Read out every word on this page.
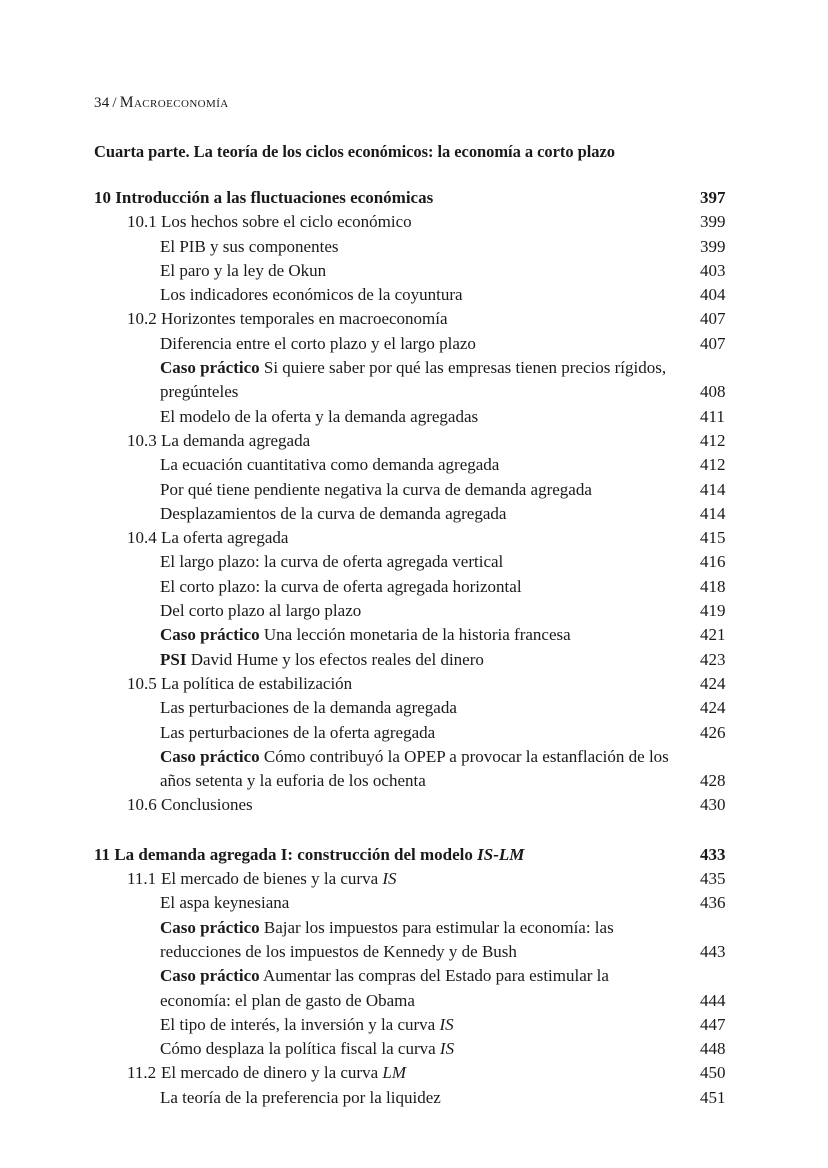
34 / Macroeconomía
Cuarta parte. La teoría de los ciclos económicos: la economía a corto plazo
10 Introducción a las fluctuaciones económicas	397
10.1Los hechos sobre el ciclo económico	399
El PIB y sus componentes	399
El paro y la ley de Okun	403
Los indicadores económicos de la coyuntura	404
10.2Horizontes temporales en macroeconomía	407
Diferencia entre el corto plazo y el largo plazo	407
Caso práctico Si quiere saber por qué las empresas tienen precios rígidos, pregúnteles	408
El modelo de la oferta y la demanda agregadas	411
10.3La demanda agregada	412
La ecuación cuantitativa como demanda agregada	412
Por qué tiene pendiente negativa la curva de demanda agregada	414
Desplazamientos de la curva de demanda agregada	414
10.4La oferta agregada	415
El largo plazo: la curva de oferta agregada vertical	416
El corto plazo: la curva de oferta agregada horizontal	418
Del corto plazo al largo plazo	419
Caso práctico Una lección monetaria de la historia francesa	421
PSI David Hume y los efectos reales del dinero	423
10.5La política de estabilización	424
Las perturbaciones de la demanda agregada	424
Las perturbaciones de la oferta agregada	426
Caso práctico Cómo contribuyó la OPEP a provocar la estanflación de los años setenta y la euforia de los ochenta	428
10.6Conclusiones	430
11 La demanda agregada I: construcción del modelo IS-LM	433
11.1El mercado de bienes y la curva IS	435
El aspa keynesiana	436
Caso práctico Bajar los impuestos para estimular la economía: las reducciones de los impuestos de Kennedy y de Bush	443
Caso práctico Aumentar las compras del Estado para estimular la economía: el plan de gasto de Obama	444
El tipo de interés, la inversión y la curva IS	447
Cómo desplaza la política fiscal la curva IS	448
11.2El mercado de dinero y la curva LM	450
La teoría de la preferencia por la liquidez	451
